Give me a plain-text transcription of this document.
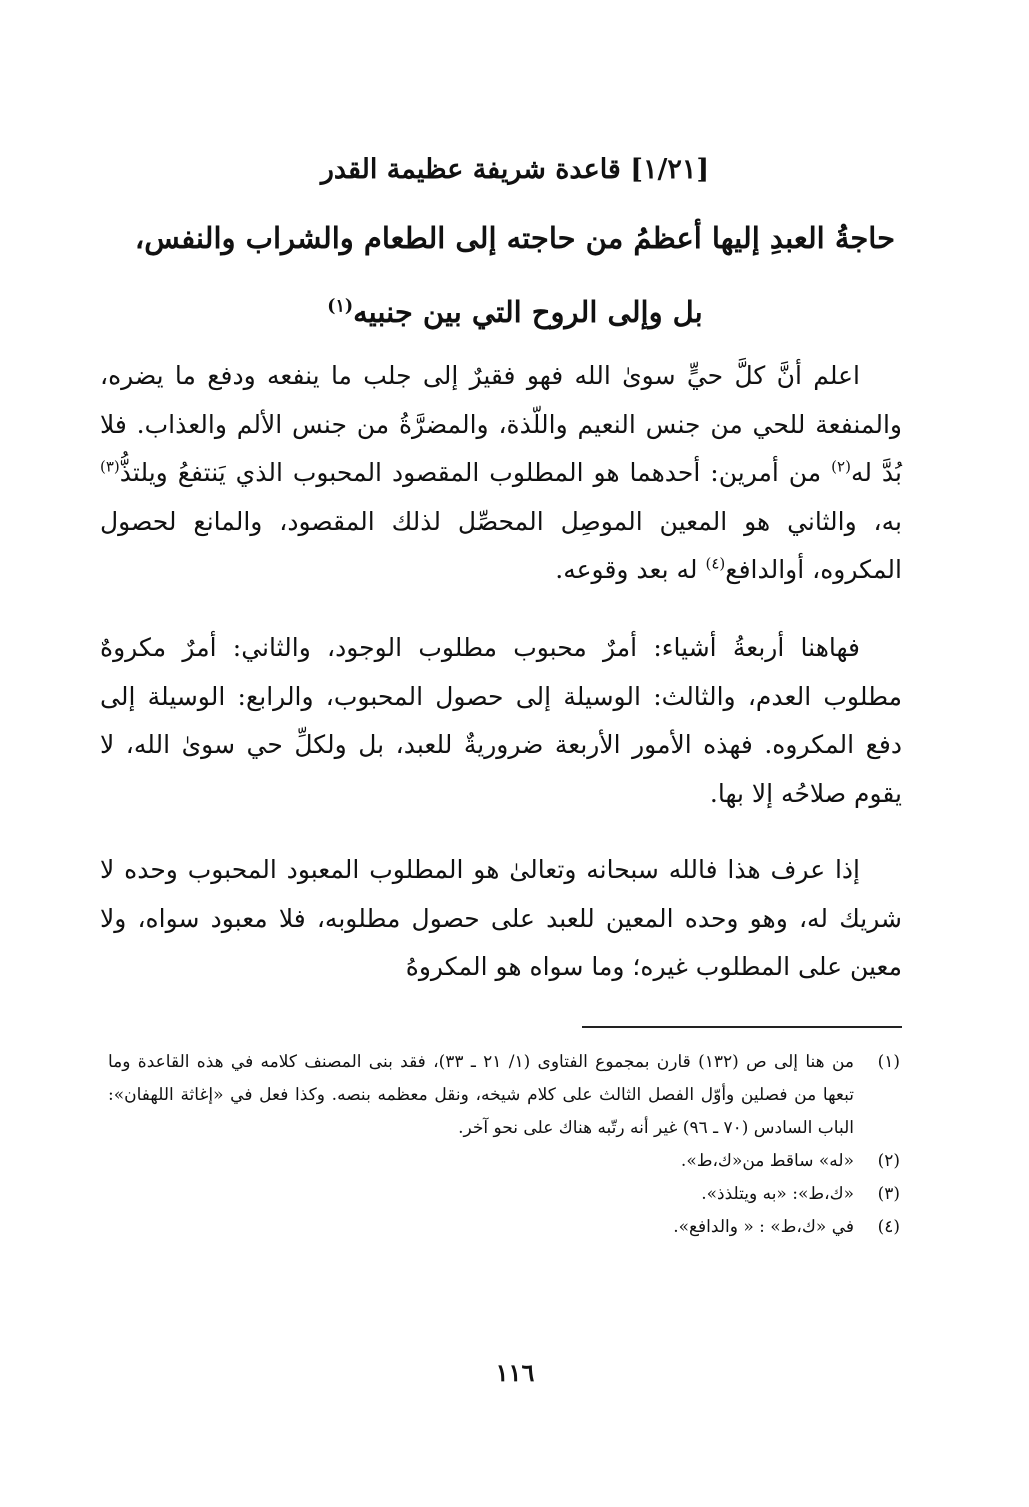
[١/٢١] قاعدة شريفة عظيمة القدر
حاجةُ العبدِ إليها أعظمُ من حاجته إلى الطعام والشراب والنفس،
بل وإلى الروح التي بين جنبيه$^{(١)}$

اعلم أنَّ كلَّ حيٍّ سوىٰ الله فهو فقيرٌ إلى جلب ما ينفعه ودفع ما يضره، والمنفعة للحي من جنس النعيم واللّذة، والمضرَّةُ من جنس الألم والعذاب. فلا بُدَّ له$^{(٢)}$ من أمرين: أحدهما هو المطلوب المقصود المحبوب الذي يَنتفعُ ويلتذُّ$^{(٣)}$ به، والثاني هو المعين الموصِل المحصِّل لذلك المقصود، والمانع لحصول المكروه، أوالدافع$^{(٤)}$ له بعد وقوعه.

فهاهنا أربعةُ أشياء: أمرٌ محبوب مطلوب الوجود، والثاني: أمرٌ مكروهٌ مطلوب العدم، والثالث: الوسيلة إلى حصول المحبوب، والرابع: الوسيلة إلى دفع المكروه. فهذه الأمور الأربعة ضروريةٌ للعبد، بل ولكلِّ حي سوىٰ الله، لا يقوم صلاحُه إلا بها.

إذا عرف هذا فالله سبحانه وتعالىٰ هو المطلوب المعبود المحبوب وحده لا شريك له، وهو وحده المعين للعبد على حصول مطلوبه، فلا معبود سواه، ولا معين على المطلوب غيره؛ وما سواه هو المكروهُ

(١)
من هنا إلى ص (١٣٢) قارن بمجموع الفتاوى (١/ ٢١ ـ ٣٣)، فقد بنى المصنف كلامه في هذه القاعدة وما تبعها من فصلين وأوّل الفصل الثالث على كلام شيخه، ونقل معظمه بنصه. وكذا فعل في «إغاثة اللهفان»: الباب السادس (٧٠ ـ ٩٦) غير أنه رتّبه هناك على نحو آخر.
(٢)
«له» ساقط من«ك،ط».
(٣)
«ك،ط»: «به ويتلذذ».
(٤)
في «ك،ط» : « والدافع».
١١٦
